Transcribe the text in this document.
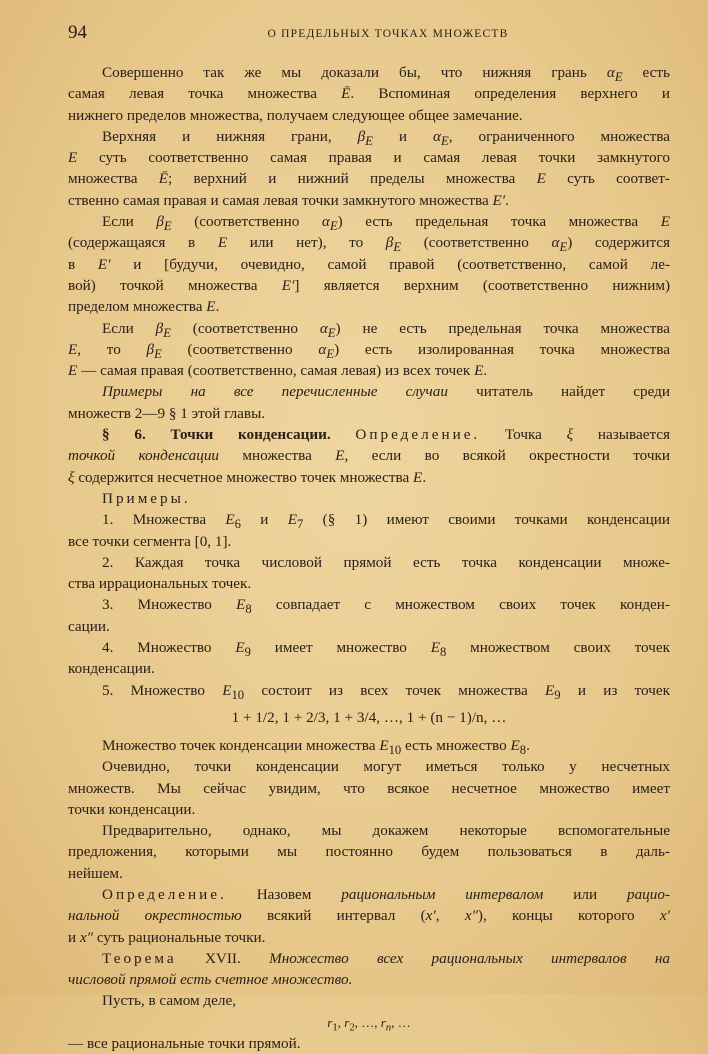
94	О ПРЕДЕЛЬНЫХ ТОЧКАХ МНОЖЕСТВ
Совершенно так же мы доказали бы, что нижняя грань $\alpha_E$ есть
самая левая точка множества Ē. Вспоминая определения верхнего и
нижнего пределов множества, получаем следующее общее замечание.
Верхняя и нижняя грани, $\beta_E$ и $\alpha_E$, ограниченного множества
E суть соответственно самая правая и самая левая точки замкнутого
множества Ē; верхний и нижний пределы множества E суть соответ-
ственно самая правая и самая левая точки замкнутого множества E′.
Если $\beta_E$ (соответственно $\alpha_E$) есть предельная точка множества E
(содержащаяся в E или нет), то $\beta_E$ (соответственно $\alpha_E$) содержится
в E′ и [будучи, очевидно, самой правой (соответственно, самой ле-
вой) точкой множества E′] является верхним (соответственно нижним)
пределом множества E.
Если $\beta_E$ (соответственно $\alpha_E$) не есть предельная точка множества
E, то $\beta_E$ (соответственно $\alpha_E$) есть изолированная точка множества
E — самая правая (соответственно, самая левая) из всех точек E.
Примеры на все перечисленные случаи читатель найдет среди
множеств 2—9 § 1 этой главы.
§ 6. Точки конденсации. Определение. Точка ξ называется
точкой конденсации множества E, если во всякой окрестности точки
ξ содержится несчетное множество точек множества E.
Примеры.
1. Множества $E_6$ и $E_7$ (§ 1) имеют своими точками конденсации
все точки сегмента [0, 1].
2. Каждая точка числовой прямой есть точка конденсации множе-
ства иррациональных точек.
3. Множество $E_8$ совпадает с множеством своих точек конден-
сации.
4. Множество $E_9$ имеет множество $E_8$ множеством своих точек
конденсации.
5. Множество $E_{10}$ состоит из всех точек множества $E_9$ и из точек
1 + 1/2, 1 + 2/3, 1 + 3/4, …, 1 + (n − 1)/n, …
Множество точек конденсации множества $E_{10}$ есть множество $E_8$.
Очевидно, точки конденсации могут иметься только у несчетных
множеств. Мы сейчас увидим, что всякое несчетное множество имеет
точки конденсации.
Предварительно, однако, мы докажем некоторые вспомогательные
предложения, которыми мы постоянно будем пользоваться в даль-
нейшем.
Определение. Назовем рациональным интервалом или рацио-
нальной окрестностью всякий интервал (x′, x″), концы которого x′
и x″ суть рациональные точки.
Теорема XVII. Множество всех рациональных интервалов на
числовой прямой есть счетное множество.
Пусть, в самом деле,
$r_1$, $r_2$, …, $r_n$, …
— все рациональные точки прямой.
